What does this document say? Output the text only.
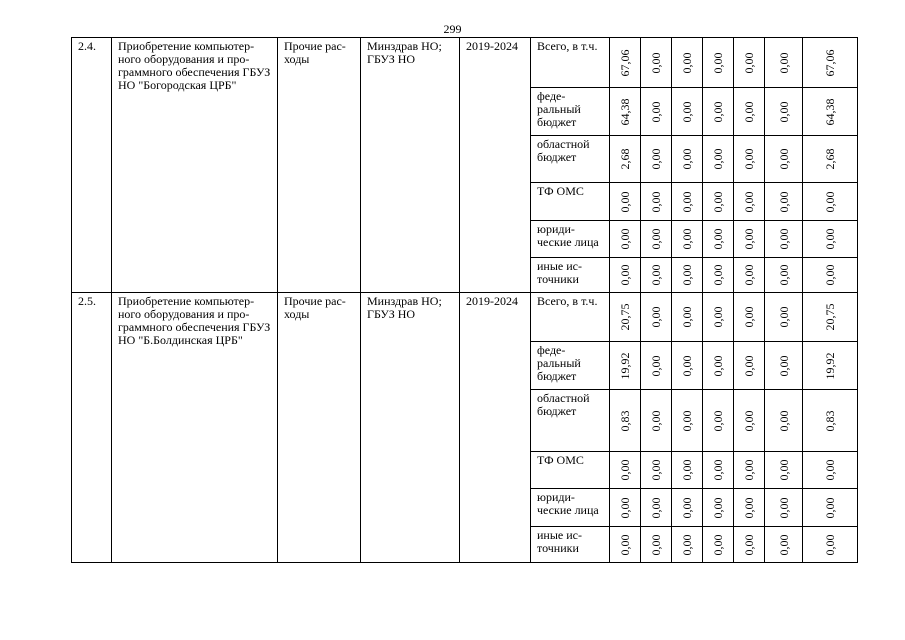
299
2.4.	Приобретение компьютер-ного оборудования и про-граммного обеспечения ГБУЗ НО "Богородская ЦРБ"	Прочие рас-ходы	Минздрав НО; ГБУЗ НО	2019-2024	Всего, в т.ч.	67,06	0,00	0,00	0,00	0,00	0,00	67,06

					феде-ральный бюджет	64,38	0,00	0,00	0,00	0,00	0,00	64,38

					областной бюджет	2,68	0,00	0,00	0,00	0,00	0,00	2,68

					ТФ ОМС	0,00	0,00	0,00	0,00	0,00	0,00	0,00

					юриди-ческие лица	0,00	0,00	0,00	0,00	0,00	0,00	0,00

					иные ис-точники	0,00	0,00	0,00	0,00	0,00	0,00	0,00

2.5.	Приобретение компьютер-ного оборудования и про-граммного обеспечения ГБУЗ НО "Б.Болдинская ЦРБ"	Прочие рас-ходы	Минздрав НО; ГБУЗ НО	2019-2024	Всего, в т.ч.	20,75	0,00	0,00	0,00	0,00	0,00	20,75

					феде-ральный бюджет	19,92	0,00	0,00	0,00	0,00	0,00	19,92

					областной бюджет	0,83	0,00	0,00	0,00	0,00	0,00	0,83

					ТФ ОМС	0,00	0,00	0,00	0,00	0,00	0,00	0,00

					юриди-ческие лица	0,00	0,00	0,00	0,00	0,00	0,00	0,00

					иные ис-точники	0,00	0,00	0,00	0,00	0,00	0,00	0,00
